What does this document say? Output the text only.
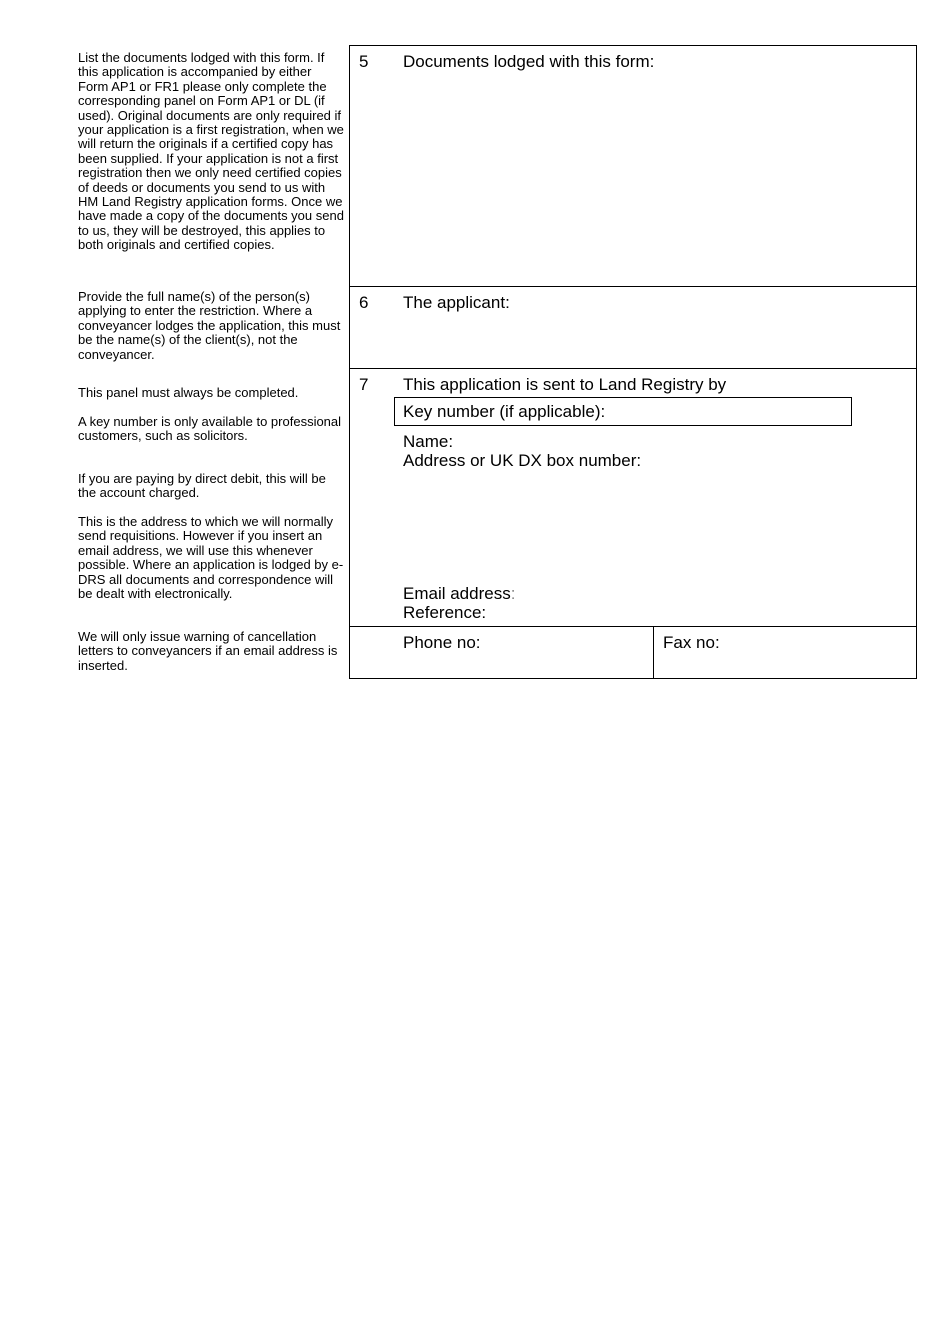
List the documents lodged with this form. If this application is accompanied by either Form AP1 or FR1 please only complete the corresponding panel on Form AP1 or DL (if used). Original documents are only required if your application is a first registration, when we will return the originals if a certified copy has been supplied. If your application is not a first registration then we only need certified copies of deeds or documents you send to us with HM Land Registry application forms. Once we have made a copy of the documents you send to us, they will be destroyed, this applies to both originals and certified copies.

Provide the full name(s) of the person(s) applying to enter the restriction. Where a conveyancer lodges the application, this must be the name(s) of the client(s), not the conveyancer.

This panel must always be completed.

A key number is only available to professional customers, such as solicitors.

If you are paying by direct debit, this will be the account charged.

This is the address to which we will normally send requisitions. However if you insert an email address, we will use this whenever possible. Where an application is lodged by e-DRS all documents and correspondence will be dealt with electronically.

We will only issue warning of cancellation letters to conveyancers if an email address is inserted.

5 Documents lodged with this form:
6 The applicant:
7 This application is sent to Land Registry by
Key number (if applicable):
Name:
Address or UK DX box number:
Email address:
Reference:
Phone no:	Fax no:
